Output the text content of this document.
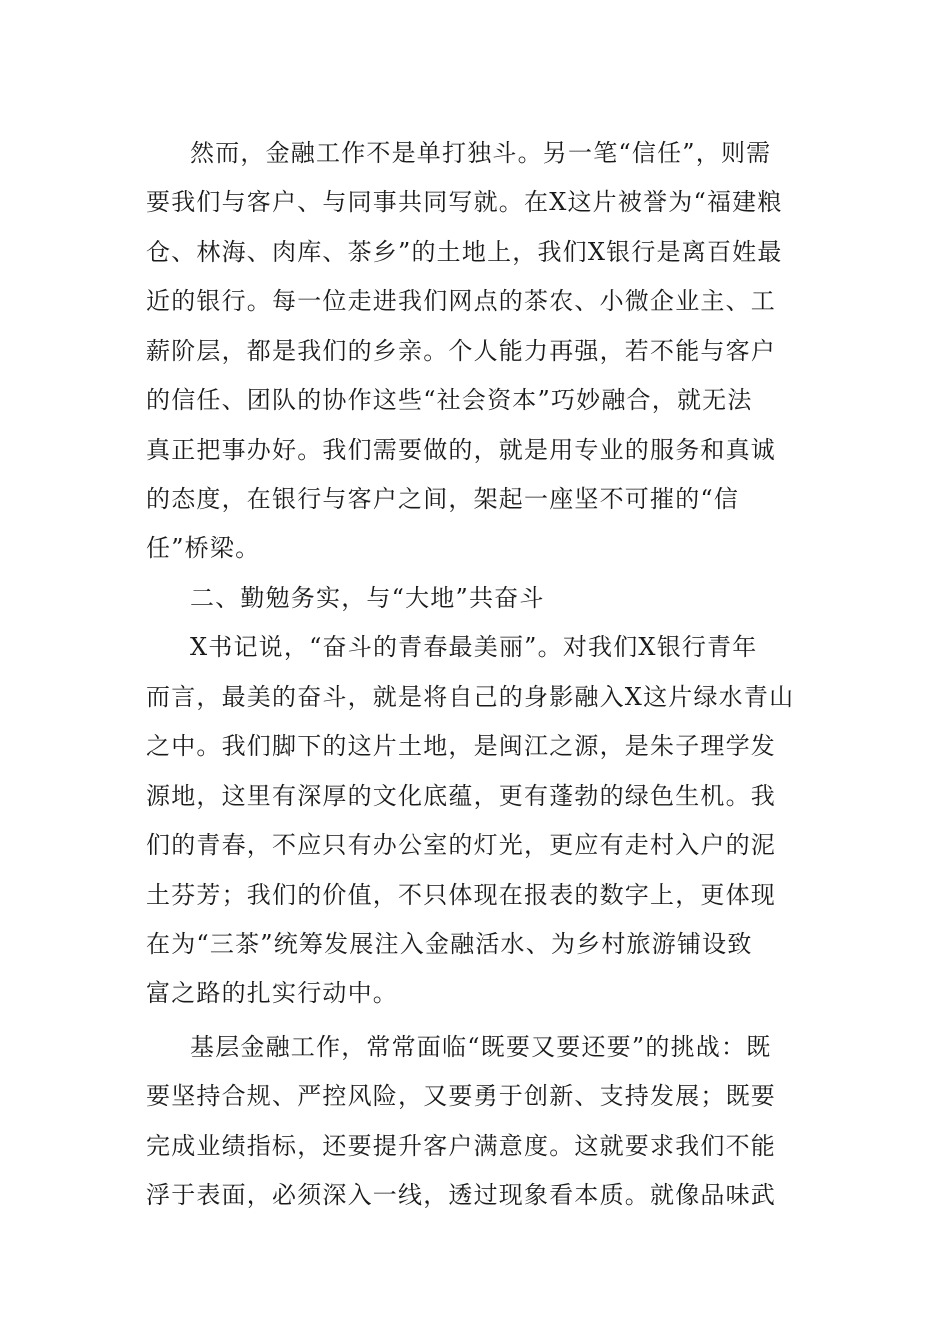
然而，金融工作不是单打独斗。另一笔“信任”，则需
要我们与客户、与同事共同写就。在X这片被誉为“福建粮
仓、林海、肉库、茶乡”的土地上，我们X银行是离百姓最
近的银行。每一位走进我们网点的茶农、小微企业主、工
薪阶层，都是我们的乡亲。个人能力再强，若不能与客户
的信任、团队的协作这些“社会资本”巧妙融合，就无法
真正把事办好。我们需要做的，就是用专业的服务和真诚
的态度，在银行与客户之间，架起一座坚不可摧的“信
任”桥梁。
二、勤勉务实，与“大地”共奋斗
X书记说，“奋斗的青春最美丽”。对我们X银行青年
而言，最美的奋斗，就是将自己的身影融入X这片绿水青山
之中。我们脚下的这片土地，是闽江之源，是朱子理学发
源地，这里有深厚的文化底蕴，更有蓬勃的绿色生机。我
们的青春，不应只有办公室的灯光，更应有走村入户的泥
土芬芳；我们的价值，不只体现在报表的数字上，更体现
在为“三茶”统筹发展注入金融活水、为乡村旅游铺设致
富之路的扎实行动中。
基层金融工作，常常面临“既要又要还要”的挑战：既
要坚持合规、严控风险，又要勇于创新、支持发展；既要
完成业绩指标，还要提升客户满意度。这就要求我们不能
浮于表面，必须深入一线，透过现象看本质。就像品味武
